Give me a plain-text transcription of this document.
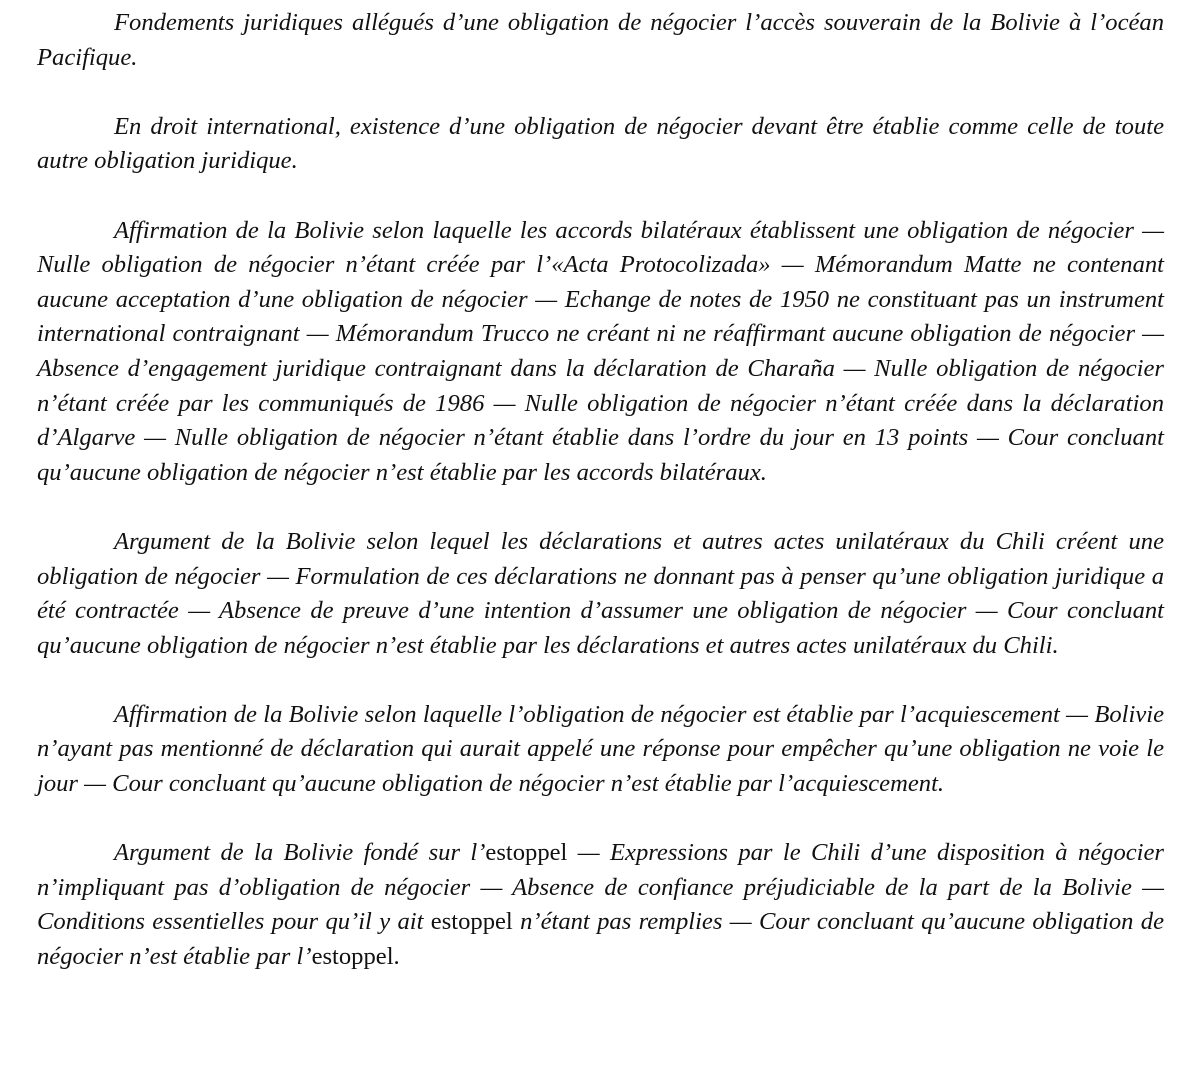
Fondements juridiques allégués d’une obligation de négocier l’accès souverain de la Bolivie à l’océan Pacifique.

En droit international, existence d’une obligation de négocier devant être établie comme celle de toute autre obligation juridique.

Affirmation de la Bolivie selon laquelle les accords bilatéraux établissent une obligation de négocier — Nulle obligation de négocier n’étant créée par l’«Acta Protocolizada» — Mémorandum Matte ne contenant aucune acceptation d’une obligation de négocier — Echange de notes de 1950 ne constituant pas un instrument international contraignant — Mémorandum Trucco ne créant ni ne réaffirmant aucune obligation de négocier — Absence d’engagement juridique contraignant dans la déclaration de Charaña — Nulle obligation de négocier n’étant créée par les communiqués de 1986 — Nulle obligation de négocier n’étant créée dans la déclaration d’Algarve — Nulle obligation de négocier n’étant établie dans l’ordre du jour en 13 points — Cour concluant qu’aucune obligation de négocier n’est établie par les accords bilatéraux.

Argument de la Bolivie selon lequel les déclarations et autres actes unilatéraux du Chili créent une obligation de négocier — Formulation de ces déclarations ne donnant pas à penser qu’une obligation juridique a été contractée — Absence de preuve d’une intention d’assumer une obligation de négocier — Cour concluant qu’aucune obligation de négocier n’est établie par les déclarations et autres actes unilatéraux du Chili.

Affirmation de la Bolivie selon laquelle l’obligation de négocier est établie par l’acquiescement — Bolivie n’ayant pas mentionné de déclaration qui aurait appelé une réponse pour empêcher qu’une obligation ne voie le jour — Cour concluant qu’aucune obligation de négocier n’est établie par l’acquiescement.

Argument de la Bolivie fondé sur l’estoppel — Expressions par le Chili d’une disposition à négocier n’impliquant pas d’obligation de négocier — Absence de confiance préjudiciable de la part de la Bolivie — Conditions essentielles pour qu’il y ait estoppel n’étant pas remplies — Cour concluant qu’aucune obligation de négocier n’est établie par l’estoppel.
